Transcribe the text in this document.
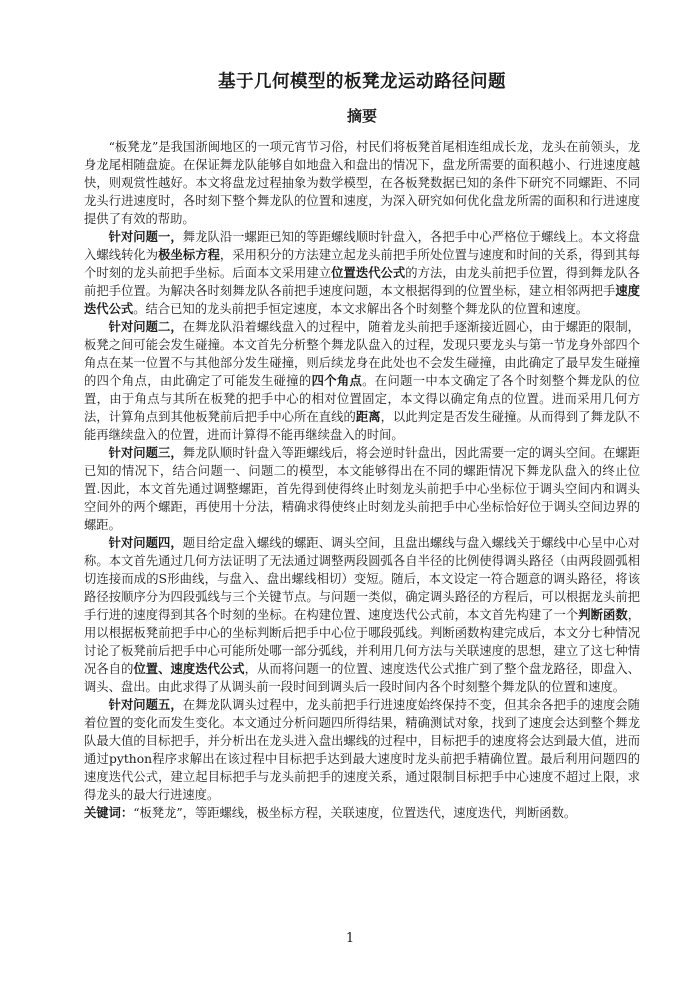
基于几何模型的板凳龙运动路径问题
摘要

“板凳龙”是我国浙闽地区的一项元宵节习俗，村民们将板凳首尾相连组成长龙，龙头在前领头，龙身龙尾相随盘旋。在保证舞龙队能够自如地盘入和盘出的情况下，盘龙所需要的面积越小、行进速度越快，则观赏性越好。本文将盘龙过程抽象为数学模型，在各板凳数据已知的条件下研究不同螺距、不同龙头行进速度时，各时刻下整个舞龙队的位置和速度，为深入研究如何优化盘龙所需的面积和行进速度提供了有效的帮助。

针对问题一，舞龙队沿一螺距已知的等距螺线顺时针盘入，各把手中心严格位于螺线上。本文将盘入螺线转化为极坐标方程，采用积分的方法建立起龙头前把手所处位置与速度和时间的关系，得到其每个时刻的龙头前把手坐标。后面本文采用建立位置迭代公式的方法，由龙头前把手位置，得到舞龙队各前把手位置。为解决各时刻舞龙队各前把手速度问题，本文根据得到的位置坐标，建立相邻两把手速度迭代公式。结合已知的龙头前把手恒定速度，本文求解出各个时刻整个舞龙队的位置和速度。

针对问题二，在舞龙队沿着螺线盘入的过程中，随着龙头前把手逐渐接近圆心，由于螺距的限制，板凳之间可能会发生碰撞。本文首先分析整个舞龙队盘入的过程，发现只要龙头与第一节龙身外部四个角点在某一位置不与其他部分发生碰撞，则后续龙身在此处也不会发生碰撞，由此确定了最早发生碰撞的四个角点，由此确定了可能发生碰撞的四个角点。在问题一中本文确定了各个时刻整个舞龙队的位置，由于角点与其所在板凳的把手中心的相对位置固定，本文得以确定角点的位置。进而采用几何方法，计算角点到其他板凳前后把手中心所在直线的距离，以此判定是否发生碰撞。从而得到了舞龙队不能再继续盘入的位置，进而计算得不能再继续盘入的时间。

针对问题三，舞龙队顺时针盘入等距螺线后，将会逆时针盘出，因此需要一定的调头空间。在螺距已知的情况下，结合问题一、问题二的模型，本文能够得出在不同的螺距情况下舞龙队盘入的终止位置.因此，本文首先通过调整螺距，首先得到使得终止时刻龙头前把手中心坐标位于调头空间内和调头空间外的两个螺距，再使用十分法，精确求得使终止时刻龙头前把手中心坐标恰好位于调头空间边界的螺距。

针对问题四，题目给定盘入螺线的螺距、调头空间，且盘出螺线与盘入螺线关于螺线中心呈中心对称。本文首先通过几何方法证明了无法通过调整两段圆弧各自半径的比例使得调头路径（由两段圆弧相切连接而成的S形曲线，与盘入、盘出螺线相切）变短。随后，本文设定一符合题意的调头路径，将该路径按顺序分为四段弧线与三个关键节点。与问题一类似，确定调头路径的方程后，可以根据龙头前把手行进的速度得到其各个时刻的坐标。在构建位置、速度迭代公式前，本文首先构建了一个判断函数，用以根据板凳前把手中心的坐标判断后把手中心位于哪段弧线。判断函数构建完成后，本文分七种情况讨论了板凳前后把手中心可能所处哪一部分弧线，并利用几何方法与关联速度的思想，建立了这七种情况各自的位置、速度迭代公式，从而将问题一的位置、速度迭代公式推广到了整个盘龙路径，即盘入、调头、盘出。由此求得了从调头前一段时间到调头后一段时间内各个时刻整个舞龙队的位置和速度。

针对问题五，在舞龙队调头过程中，龙头前把手行进速度始终保持不变，但其余各把手的速度会随着位置的变化而发生变化。本文通过分析问题四所得结果，精确测试对象，找到了速度会达到整个舞龙队最大值的目标把手，并分析出在龙头进入盘出螺线的过程中，目标把手的速度将会达到最大值，进而通过python程序求解出在该过程中目标把手达到最大速度时龙头前把手精确位置。最后利用问题四的速度迭代公式，建立起目标把手与龙头前把手的速度关系，通过限制目标把手中心速度不超过上限，求得龙头的最大行进速度。

关键词：“板凳龙”，等距螺线，极坐标方程，关联速度，位置迭代，速度迭代，判断函数。

1
